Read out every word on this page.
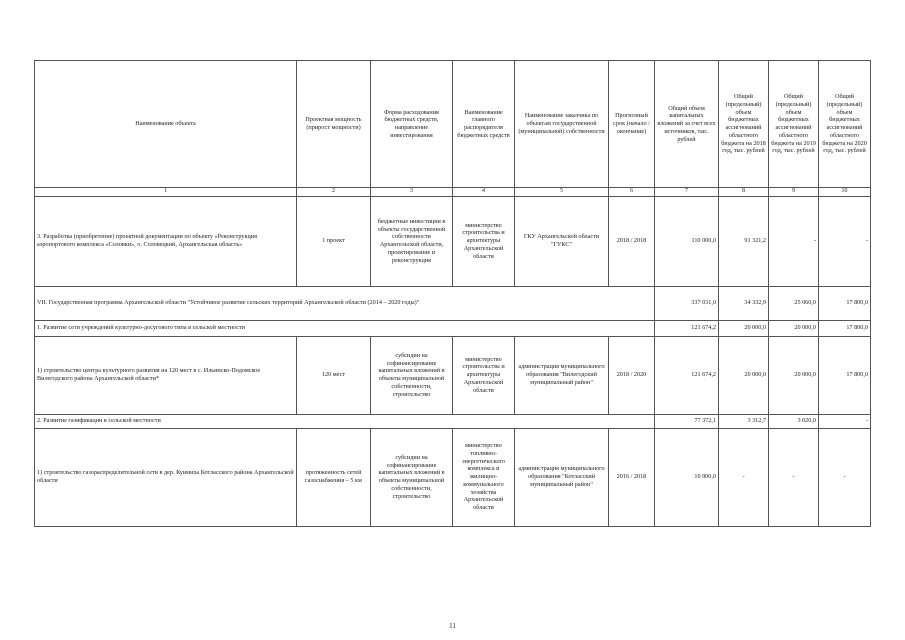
Наименование объекта	Проектная мощность (прирост мощности)	Форма расходования бюджетных средств, направление инвестирования	Наименование главного распорядителя бюджетных средств	Наименование заказчика по объектам государственной (муниципальной) собственности	Прогнозный срок (начало / окончание)	Общий объем капитальных вложений за счет всех источников, тыс. рублей	Общий (предельный) объем бюджетных ассигнований областного бюджета на 2018 год, тыс. рублей	Общий (предельный) объем бюджетных ассигнований областного бюджета на 2019 год, тыс. рублей	Общий (предельный) объем бюджетных ассигнований областного бюджета на 2020 год, тыс. рублей
1	2	3	4	5	6	7	8	9	10
3. Разработка (приобретение) проектной документации по объекту «Реконструкция аэропортового комплекса «Соловки», о. Соловецкий, Архангельская область»	1 проект	бюджетные инвестиции в объекты государственной собственности Архангельской области, проектирование и реконструкция	министерство строительства и архитектуры Архангельской области	ГКУ Архангельской области "ГУКС"	2018 / 2018	110 000,0	91 321,2	-	-
VII. Государственная программа Архангельской области "Устойчивое развитие сельских территорий Архангельской области (2014 – 2020 годы)"						337 031,0	34 332,9	25 060,0	17 800,0
1. Развитие сети учреждений культурно-досугового типа в сельской местности						121 674,2	20 000,0	20 000,0	17 800,0
1) строительство центра культурного развития на 120 мест в с. Ильинско-Подомское Вилегодского района Архангельской области*	120 мест	субсидии на софинансирование капитальных вложений в объекты муниципальной собственности, строительство	министерство строительства и архитектуры Архангельской области	администрация муниципального образования "Вилегодский муниципальный район"	2018 / 2020	121 674,2	20 000,0	20 000,0	17 800,0
2. Развитие газификации в сельской местности						77 372,1	3 312,7	3 020,0	-
1) строительство газораспределительной сети в дер. Куимиха Котласского района Архангельской области	протяженность сетей газоснабжения – 5 км	субсидии на софинансирование капитальных вложений в объекты муниципальной собственности, строительство	министерство топливно-энергетического комплекса и жилищно-коммунального хозяйства Архангельской области	администрация муниципального образования "Котласский муниципальный район"	2016 / 2018	10 900,0	-	-	-
11
